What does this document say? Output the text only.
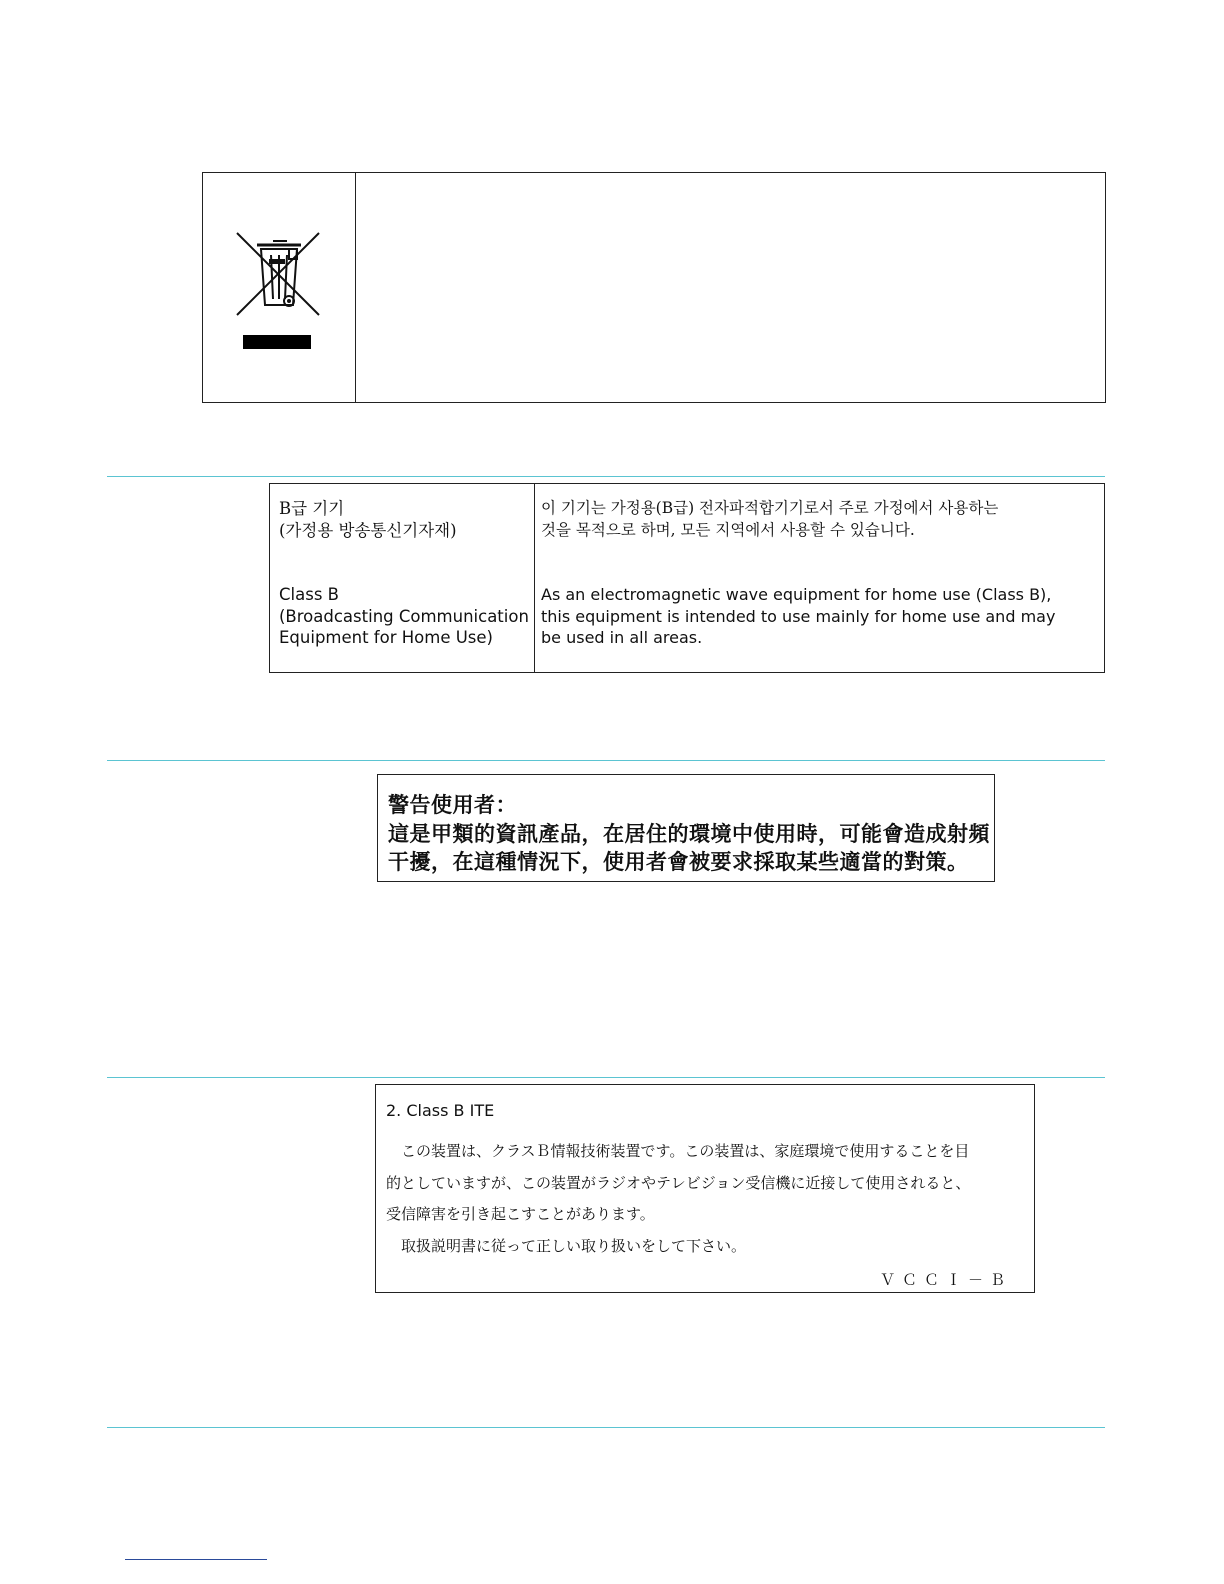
B급 기기
(가정용 방송통신기자재)
이 기기는 가정용(B급) 전자파적합기기로서 주로 가정에서 사용하는
것을 목적으로 하며, 모든 지역에서 사용할 수 있습니다.
Class B
(Broadcasting Communication
Equipment for Home Use)
As an electromagnetic wave equipment for home use (Class B),
this equipment is intended to use mainly for home use and may
be used in all areas.
警告使用者：
這是甲類的資訊產品，在居住的環境中使用時，可能會造成射頻
干擾，在這種情況下，使用者會被要求採取某些適當的對策。
2. Class B ITE
　この装置は、クラスＢ情報技術装置です。この装置は、家庭環境で使用することを目
的としていますが、この装置がラジオやテレビジョン受信機に近接して使用されると、
受信障害を引き起こすことがあります。
　取扱説明書に従って正しい取り扱いをして下さい。
ＶＣＣＩ－Ｂ
